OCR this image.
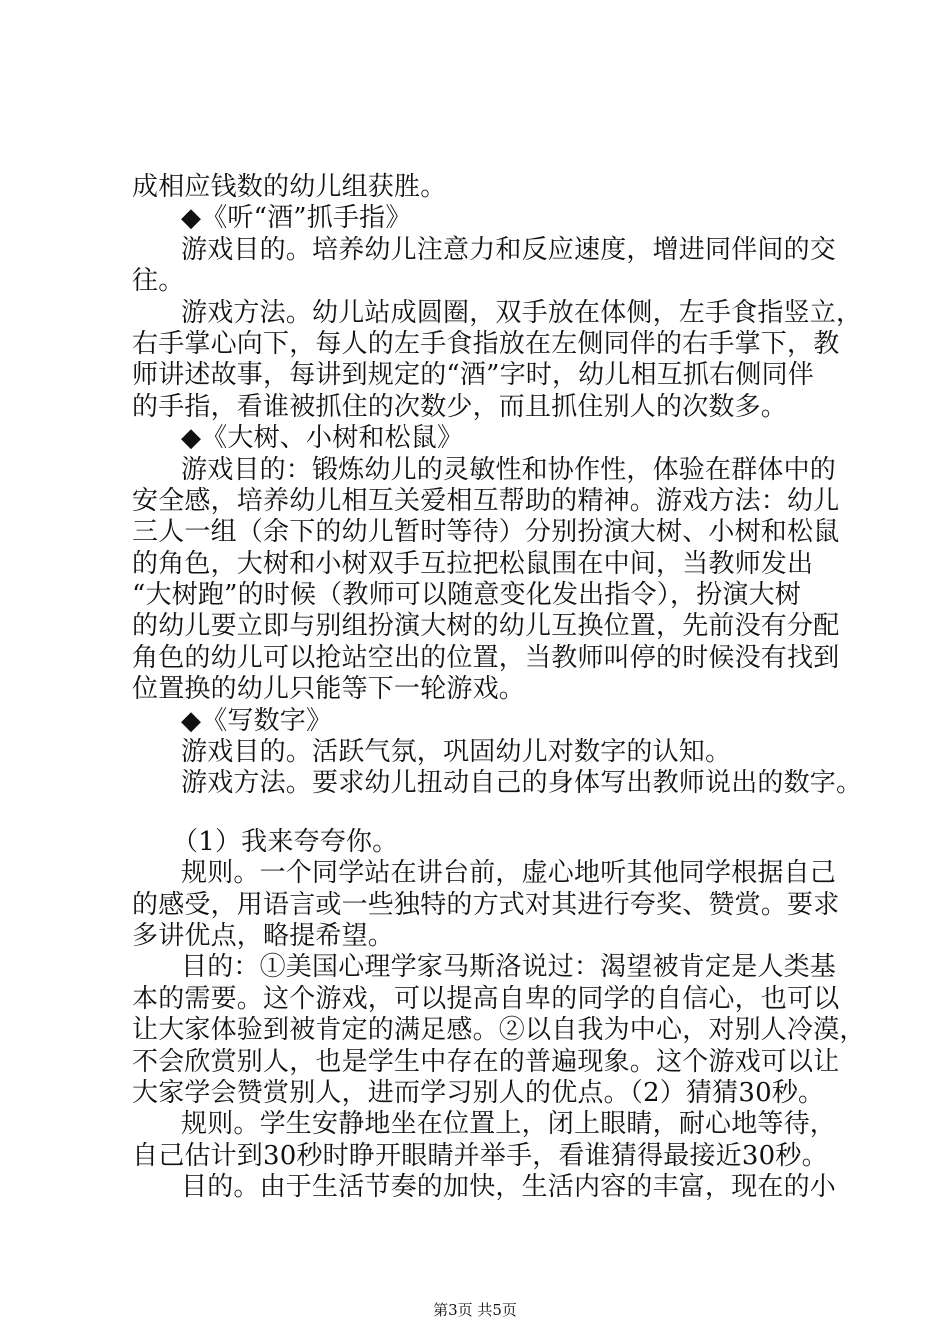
成相应钱数的幼儿组获胜。
◆《听“酒”抓手指》
游戏目的。培养幼儿注意力和反应速度，增进同伴间的交
往。
游戏方法。幼儿站成圆圈，双手放在体侧，左手食指竖立，
右手掌心向下，每人的左手食指放在左侧同伴的右手掌下，教
师讲述故事，每讲到规定的“酒”字时，幼儿相互抓右侧同伴
的手指，看谁被抓住的次数少，而且抓住别人的次数多。
◆《大树、小树和松鼠》
游戏目的：锻炼幼儿的灵敏性和协作性，体验在群体中的
安全感，培养幼儿相互关爱相互帮助的精神。游戏方法：幼儿
三人一组（余下的幼儿暂时等待）分别扮演大树、小树和松鼠
的角色，大树和小树双手互拉把松鼠围在中间，当教师发出
“大树跑”的时候（教师可以随意变化发出指令），扮演大树
的幼儿要立即与别组扮演大树的幼儿互换位置，先前没有分配
角色的幼儿可以抢站空出的位置，当教师叫停的时候没有找到
位置换的幼儿只能等下一轮游戏。
◆《写数字》
游戏目的。活跃气氛，巩固幼儿对数字的认知。
游戏方法。要求幼儿扭动自己的身体写出教师说出的数字。
（1）我来夸夸你。
规则。一个同学站在讲台前，虚心地听其他同学根据自己
的感受，用语言或一些独特的方式对其进行夸奖、赞赏。要求
多讲优点，略提希望。
目的：①美国心理学家马斯洛说过：渴望被肯定是人类基
本的需要。这个游戏，可以提高自卑的同学的自信心，也可以
让大家体验到被肯定的满足感。②以自我为中心，对别人冷漠，
不会欣赏别人，也是学生中存在的普遍现象。这个游戏可以让
大家学会赞赏别人，进而学习别人的优点。（2）猜猜30秒。
规则。学生安静地坐在位置上，闭上眼睛，耐心地等待，
自己估计到30秒时睁开眼睛并举手，看谁猜得最接近30秒。
目的。由于生活节奏的加快，生活内容的丰富，现在的小
第3页 共5页
